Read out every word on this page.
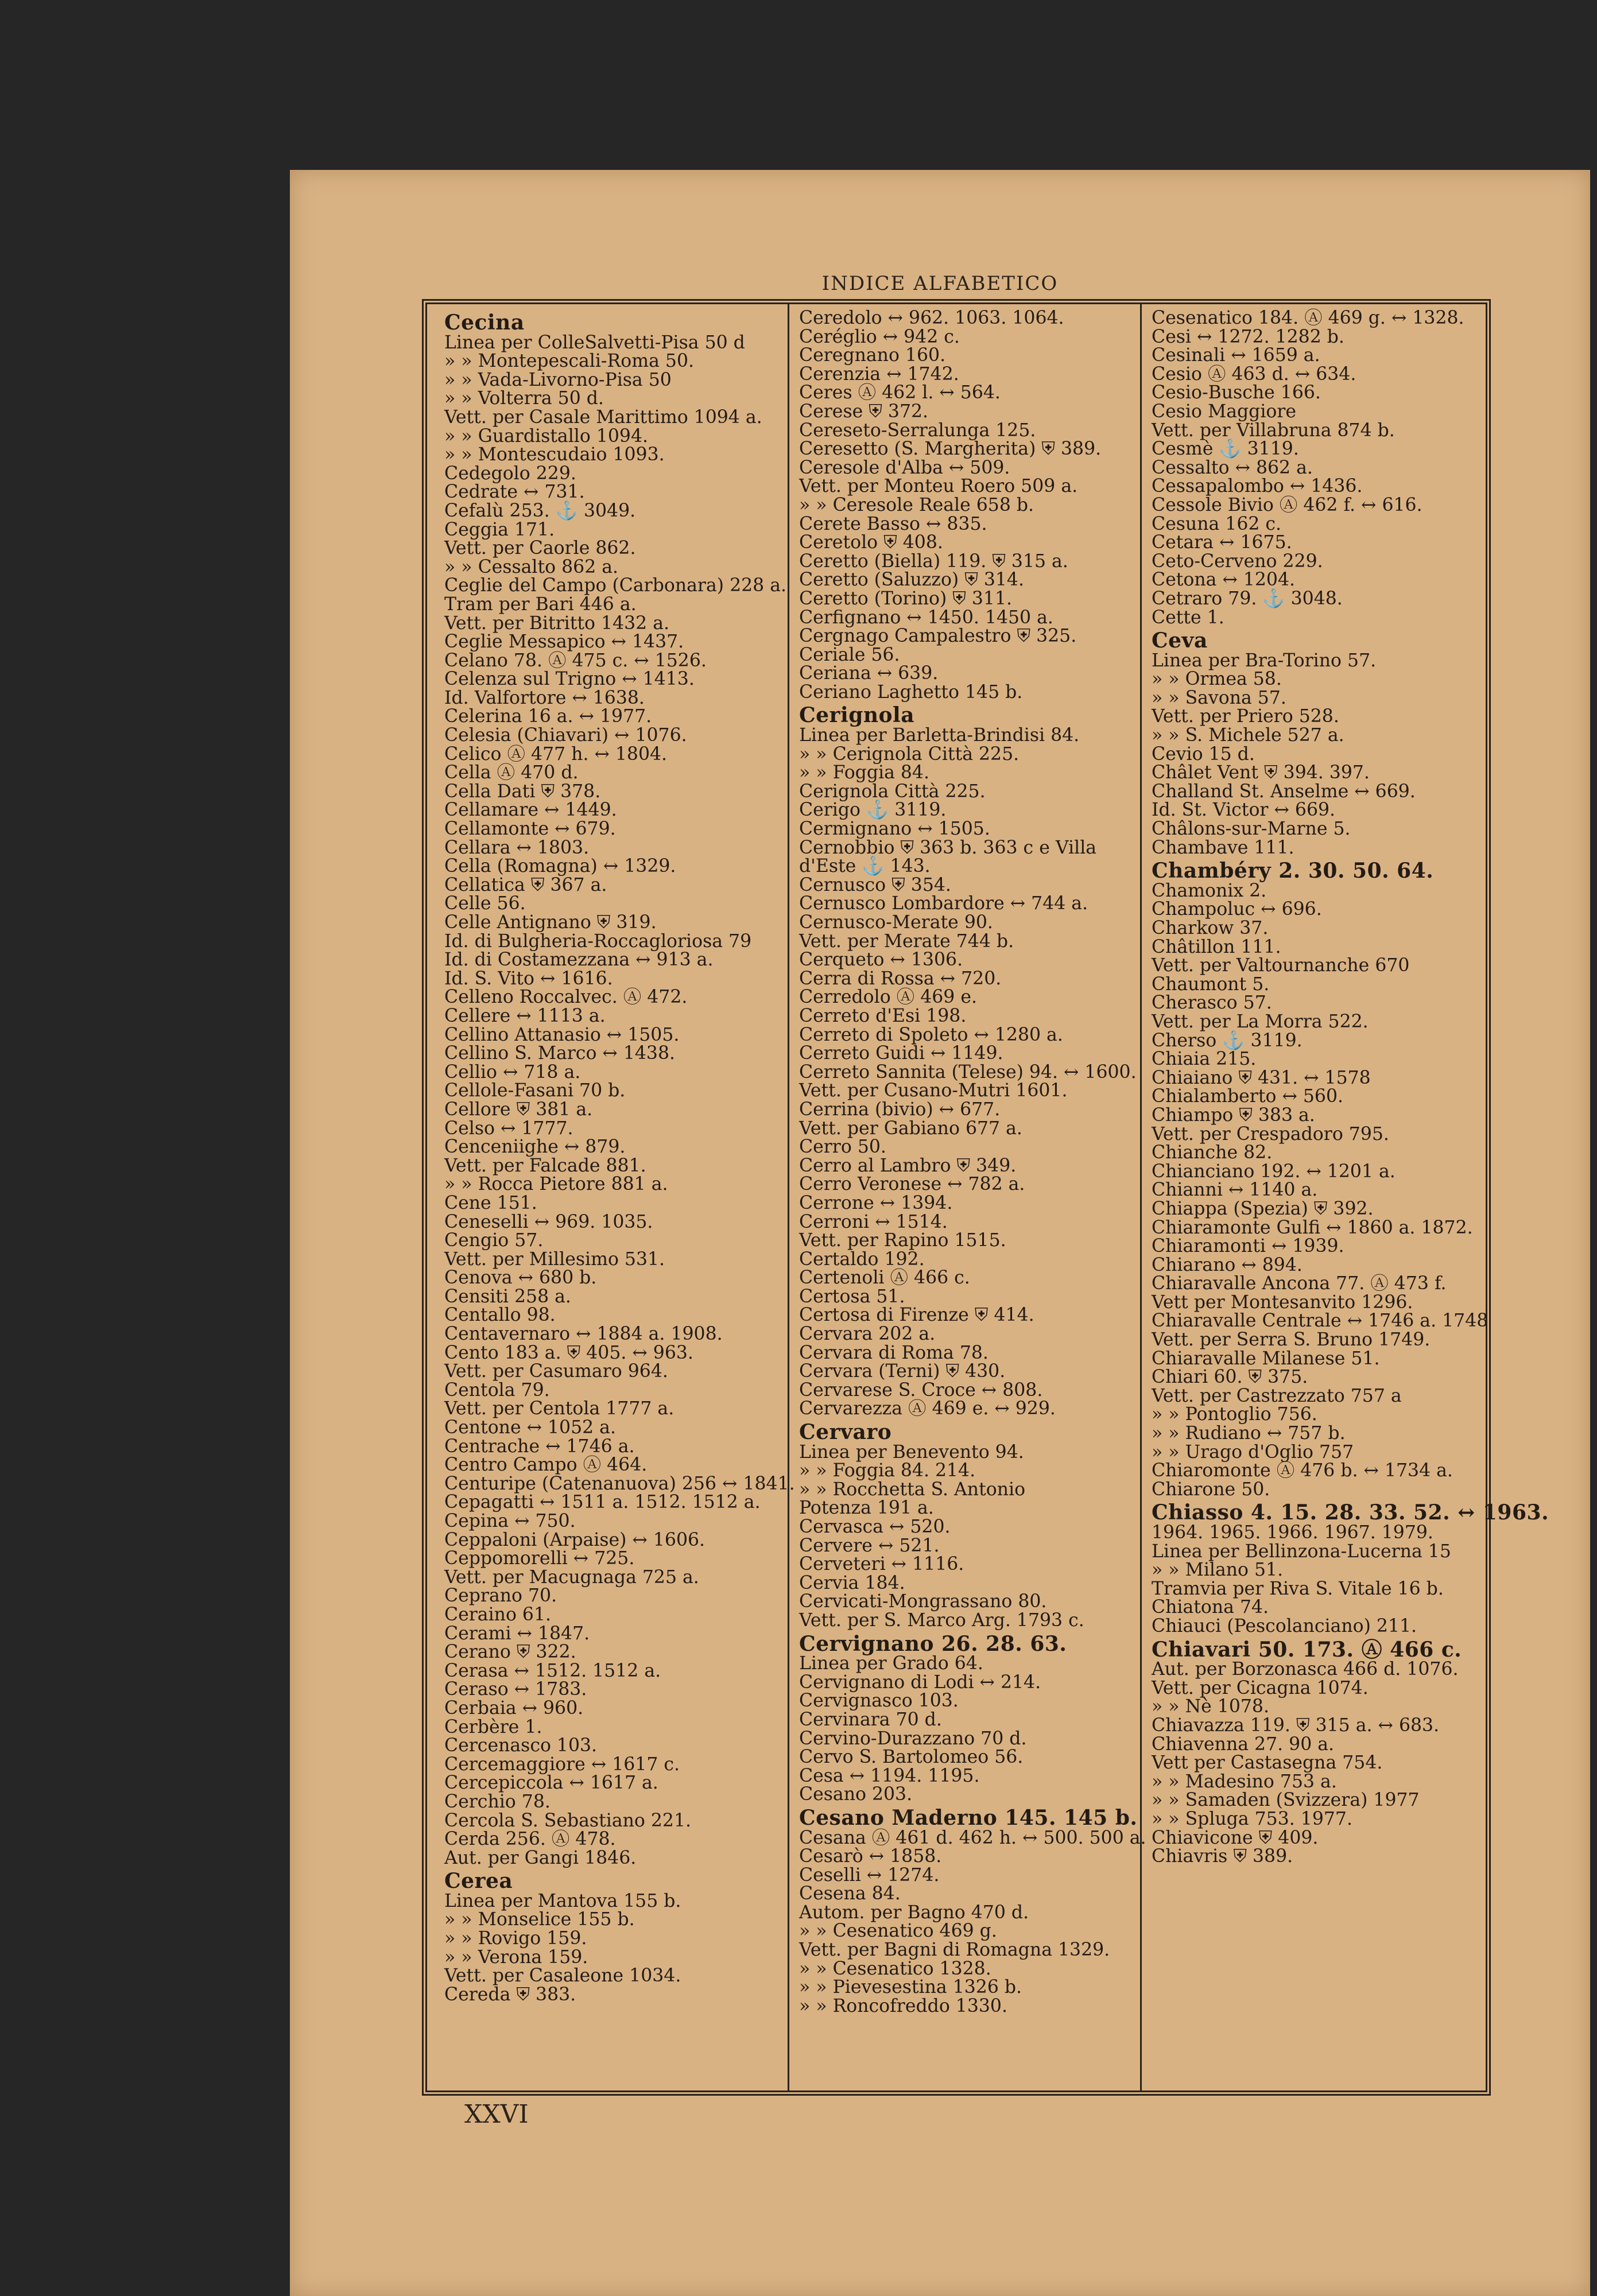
INDICE ALFABETICO
Cecina
Linea per ColleSalvetti-Pisa 50 d
» » Montepescali-Roma 50.
» » Vada-Livorno-Pisa 50
» » Volterra 50 d.
Vett. per Casale Marittimo 1094 a.
» » Guardistallo 1094.
» » Montescudaio 1093.
Cedegolo 229.
Cedrate ↔ 731.
Cefalù 253. ⚓ 3049.
Ceggia 171.
Vett. per Caorle 862.
» » Cessalto 862 a.
Ceglie del Campo (Carbonara) 228 a.
Tram per Bari 446 a.
Vett. per Bitritto 1432 a.
Ceglie Messapico ↔ 1437.
Celano 78. Ⓐ 475 c. ↔ 1526.
Celenza sul Trigno ↔ 1413.
Id. Valfortore ↔ 1638.
Celerina 16 a. ↔ 1977.
Celesia (Chiavari) ↔ 1076.
Celico Ⓐ 477 h. ↔ 1804.
Cella Ⓐ 470 d.
Cella Dati ⛨ 378.
Cellamare ↔ 1449.
Cellamonte ↔ 679.
Cellara ↔ 1803.
Cella (Romagna) ↔ 1329.
Cellatica ⛨ 367 a.
Celle 56.
Celle Antignano ⛨ 319.
Id. di Bulgheria-Roccagloriosa 79
Id. di Costamezzana ↔ 913 a.
Id. S. Vito ↔ 1616.
Celleno Roccalvec. Ⓐ 472.
Cellere ↔ 1113 a.
Cellino Attanasio ↔ 1505.
Cellino S. Marco ↔ 1438.
Cellio ↔ 718 a.
Cellole-Fasani 70 b.
Cellore ⛨ 381 a.
Celso ↔ 1777.
Cenceniighe ↔ 879.
Vett. per Falcade 881.
» » Rocca Pietore 881 a.
Cene 151.
Ceneselli ↔ 969. 1035.
Cengio 57.
Vett. per Millesimo 531.
Cenova ↔ 680 b.
Censiti 258 a.
Centallo 98.
Centavernaro ↔ 1884 a. 1908.
Cento 183 a. ⛨ 405. ↔ 963.
Vett. per Casumaro 964.
Centola 79.
Vett. per Centola 1777 a.
Centone ↔ 1052 a.
Centrache ↔ 1746 a.
Centro Campo Ⓐ 464.
Centuripe (Catenanuova) 256 ↔ 1841.
Cepagatti ↔ 1511 a. 1512. 1512 a.
Cepina ↔ 750.
Ceppaloni (Arpaise) ↔ 1606.
Ceppomorelli ↔ 725.
Vett. per Macugnaga 725 a.
Ceprano 70.
Ceraino 61.
Cerami ↔ 1847.
Cerano ⛨ 322.
Cerasa ↔ 1512. 1512 a.
Ceraso ↔ 1783.
Cerbaia ↔ 960.
Cerbère 1.
Cercenasco 103.
Cercemaggiore ↔ 1617 c.
Cercepiccola ↔ 1617 a.
Cerchio 78.
Cercola S. Sebastiano 221.
Cerda 256. Ⓐ 478.
Aut. per Gangi 1846.
Cerea
Linea per Mantova 155 b.
» » Monselice 155 b.
» » Rovigo 159.
» » Verona 159.
Vett. per Casaleone 1034.
Cereda ⛨ 383.
Ceredolo ↔ 962. 1063. 1064.
Ceréglio ↔ 942 c.
Ceregnano 160.
Cerenzia ↔ 1742.
Ceres Ⓐ 462 l. ↔ 564.
Cerese ⛨ 372.
Cereseto-Serralunga 125.
Ceresetto (S. Margherita) ⛨ 389.
Ceresole d'Alba ↔ 509.
Vett. per Monteu Roero 509 a.
» » Ceresole Reale 658 b.
Cerete Basso ↔ 835.
Ceretolo ⛨ 408.
Ceretto (Biella) 119. ⛨ 315 a.
Ceretto (Saluzzo) ⛨ 314.
Ceretto (Torino) ⛨ 311.
Cerfignano ↔ 1450. 1450 a.
Cergnago Campalestro ⛨ 325.
Ceriale 56.
Ceriana ↔ 639.
Ceriano Laghetto 145 b.
Cerignola
Linea per Barletta-Brindisi 84.
» » Cerignola Città 225.
» » Foggia 84.
Cerignola Città 225.
Cerigo ⚓ 3119.
Cermignano ↔ 1505.
Cernobbio ⛨ 363 b. 363 c e Villa
d'Este ⚓ 143.
Cernusco ⛨ 354.
Cernusco Lombardore ↔ 744 a.
Cernusco-Merate 90.
Vett. per Merate 744 b.
Cerqueto ↔ 1306.
Cerra di Rossa ↔ 720.
Cerredolo Ⓐ 469 e.
Cerreto d'Esi 198.
Cerreto di Spoleto ↔ 1280 a.
Cerreto Guidi ↔ 1149.
Cerreto Sannita (Telese) 94. ↔ 1600.
Vett. per Cusano-Mutri 1601.
Cerrina (bivio) ↔ 677.
Vett. per Gabiano 677 a.
Cerro 50.
Cerro al Lambro ⛨ 349.
Cerro Veronese ↔ 782 a.
Cerrone ↔ 1394.
Cerroni ↔ 1514.
Vett. per Rapino 1515.
Certaldo 192.
Certenoli Ⓐ 466 c.
Certosa 51.
Certosa di Firenze ⛨ 414.
Cervara 202 a.
Cervara di Roma 78.
Cervara (Terni) ⛨ 430.
Cervarese S. Croce ↔ 808.
Cervarezza Ⓐ 469 e. ↔ 929.
Cervaro
Linea per Benevento 94.
» » Foggia 84. 214.
» » Rocchetta S. Antonio
Potenza 191 a.
Cervasca ↔ 520.
Cervere ↔ 521.
Cerveteri ↔ 1116.
Cervia 184.
Cervicati-Mongrassano 80.
Vett. per S. Marco Arg. 1793 c.
Cervignano 26. 28. 63.
Linea per Grado 64.
Cervignano di Lodi ↔ 214.
Cervignasco 103.
Cervinara 70 d.
Cervino-Durazzano 70 d.
Cervo S. Bartolomeo 56.
Cesa ↔ 1194. 1195.
Cesano 203.
Cesano Maderno 145. 145 b.
Cesana Ⓐ 461 d. 462 h. ↔ 500. 500 a.
Cesarò ↔ 1858.
Ceselli ↔ 1274.
Cesena 84.
Autom. per Bagno 470 d.
» » Cesenatico 469 g.
Vett. per Bagni di Romagna 1329.
» » Cesenatico 1328.
» » Pievesestina 1326 b.
» » Roncofreddo 1330.
Cesenatico 184. Ⓐ 469 g. ↔ 1328.
Cesi ↔ 1272. 1282 b.
Cesinali ↔ 1659 a.
Cesio Ⓐ 463 d. ↔ 634.
Cesio-Busche 166.
Cesio Maggiore
Vett. per Villabruna 874 b.
Cesmè ⚓ 3119.
Cessalto ↔ 862 a.
Cessapalombo ↔ 1436.
Cessole Bivio Ⓐ 462 f. ↔ 616.
Cesuna 162 c.
Cetara ↔ 1675.
Ceto-Cerveno 229.
Cetona ↔ 1204.
Cetraro 79. ⚓ 3048.
Cette 1.
Ceva
Linea per Bra-Torino 57.
» » Ormea 58.
» » Savona 57.
Vett. per Priero 528.
» » S. Michele 527 a.
Cevio 15 d.
Châlet Vent ⛨ 394. 397.
Challand St. Anselme ↔ 669.
Id. St. Victor ↔ 669.
Châlons-sur-Marne 5.
Chambave 111.
Chambéry 2. 30. 50. 64.
Chamonix 2.
Champoluc ↔ 696.
Charkow 37.
Châtillon 111.
Vett. per Valtournanche 670
Chaumont 5.
Cherasco 57.
Vett. per La Morra 522.
Cherso ⚓ 3119.
Chiaia 215.
Chiaiano ⛨ 431. ↔ 1578
Chialamberto ↔ 560.
Chiampo ⛨ 383 a.
Vett. per Crespadoro 795.
Chianche 82.
Chianciano 192. ↔ 1201 a.
Chianni ↔ 1140 a.
Chiappa (Spezia) ⛨ 392.
Chiaramonte Gulfi ↔ 1860 a. 1872.
Chiaramonti ↔ 1939.
Chiarano ↔ 894.
Chiaravalle Ancona 77. Ⓐ 473 f.
Vett per Montesanvito 1296.
Chiaravalle Centrale ↔ 1746 a. 1748
Vett. per Serra S. Bruno 1749.
Chiaravalle Milanese 51.
Chiari 60. ⛨ 375.
Vett. per Castrezzato 757 a
» » Pontoglio 756.
» » Rudiano ↔ 757 b.
» » Urago d'Oglio 757
Chiaromonte Ⓐ 476 b. ↔ 1734 a.
Chiarone 50.
Chiasso 4. 15. 28. 33. 52. ↔ 1963.
1964. 1965. 1966. 1967. 1979.
Linea per Bellinzona-Lucerna 15
» » Milano 51.
Tramvia per Riva S. Vitale 16 b.
Chiatona 74.
Chiauci (Pescolanciano) 211.
Chiavari 50. 173. Ⓐ 466 c.
Aut. per Borzonasca 466 d. 1076.
Vett. per Cicagna 1074.
» » Nè 1078.
Chiavazza 119. ⛨ 315 a. ↔ 683.
Chiavenna 27. 90 a.
Vett per Castasegna 754.
» » Madesino 753 a.
» » Samaden (Svizzera) 1977
» » Spluga 753. 1977.
Chiavicone ⛨ 409.
Chiavris ⛨ 389.
XXVI
